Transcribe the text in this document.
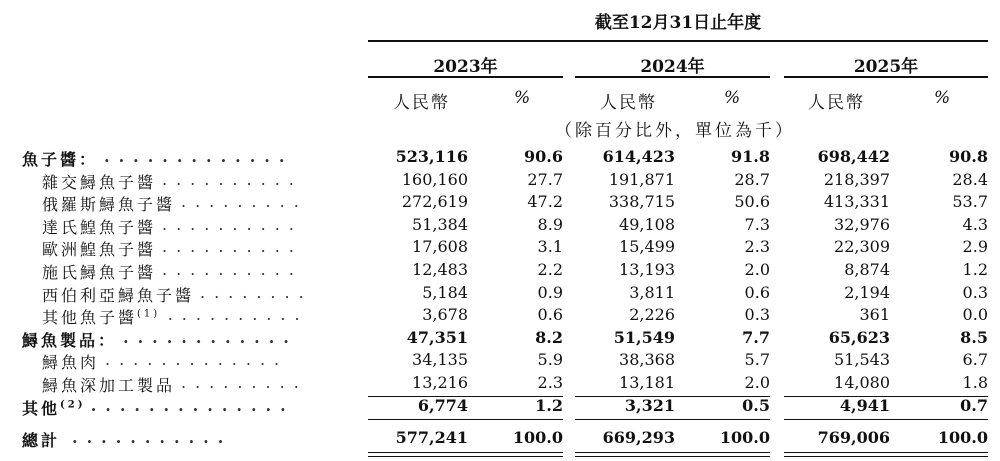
截至12月31日止年度
2023年	2024年	2025年
人民幣	%	人民幣	%	人民幣	%
（除百分比外，單位為千）
魚子醬： .............	523,116	90.6	614,423	91.8	698,442	90.8
雜交鱘魚子醬 ..........	160,160	27.7	191,871	28.7	218,397	28.4
俄羅斯鱘魚子醬 .........	272,619	47.2	338,715	50.6	413,331	53.7
達氏鰉魚子醬 ..........	51,384	8.9	49,108	7.3	32,976	4.3
歐洲鰉魚子醬 ..........	17,608	3.1	15,499	2.3	22,309	2.9
施氏鱘魚子醬 ..........	12,483	2.2	13,193	2.0	8,874	1.2
西伯利亞鱘魚子醬 ........	5,184	0.9	3,811	0.6	2,194	0.3
其他魚子醬$^{(1)}$ ..........	3,678	0.6	2,226	0.3	361	0.0
鱘魚製品： ............	47,351	8.2	51,549	7.7	65,623	8.5
鱘魚肉 .............	34,135	5.9	38,368	5.7	51,543	6.7
鱘魚深加工製品 .........	13,216	2.3	13,181	2.0	14,080	1.8
其他$^{(2)}$ ..............	6,774	1.2	3,321	0.5	4,941	0.7
總計 ...........	577,241	100.0	669,293	100.0	769,006	100.0
